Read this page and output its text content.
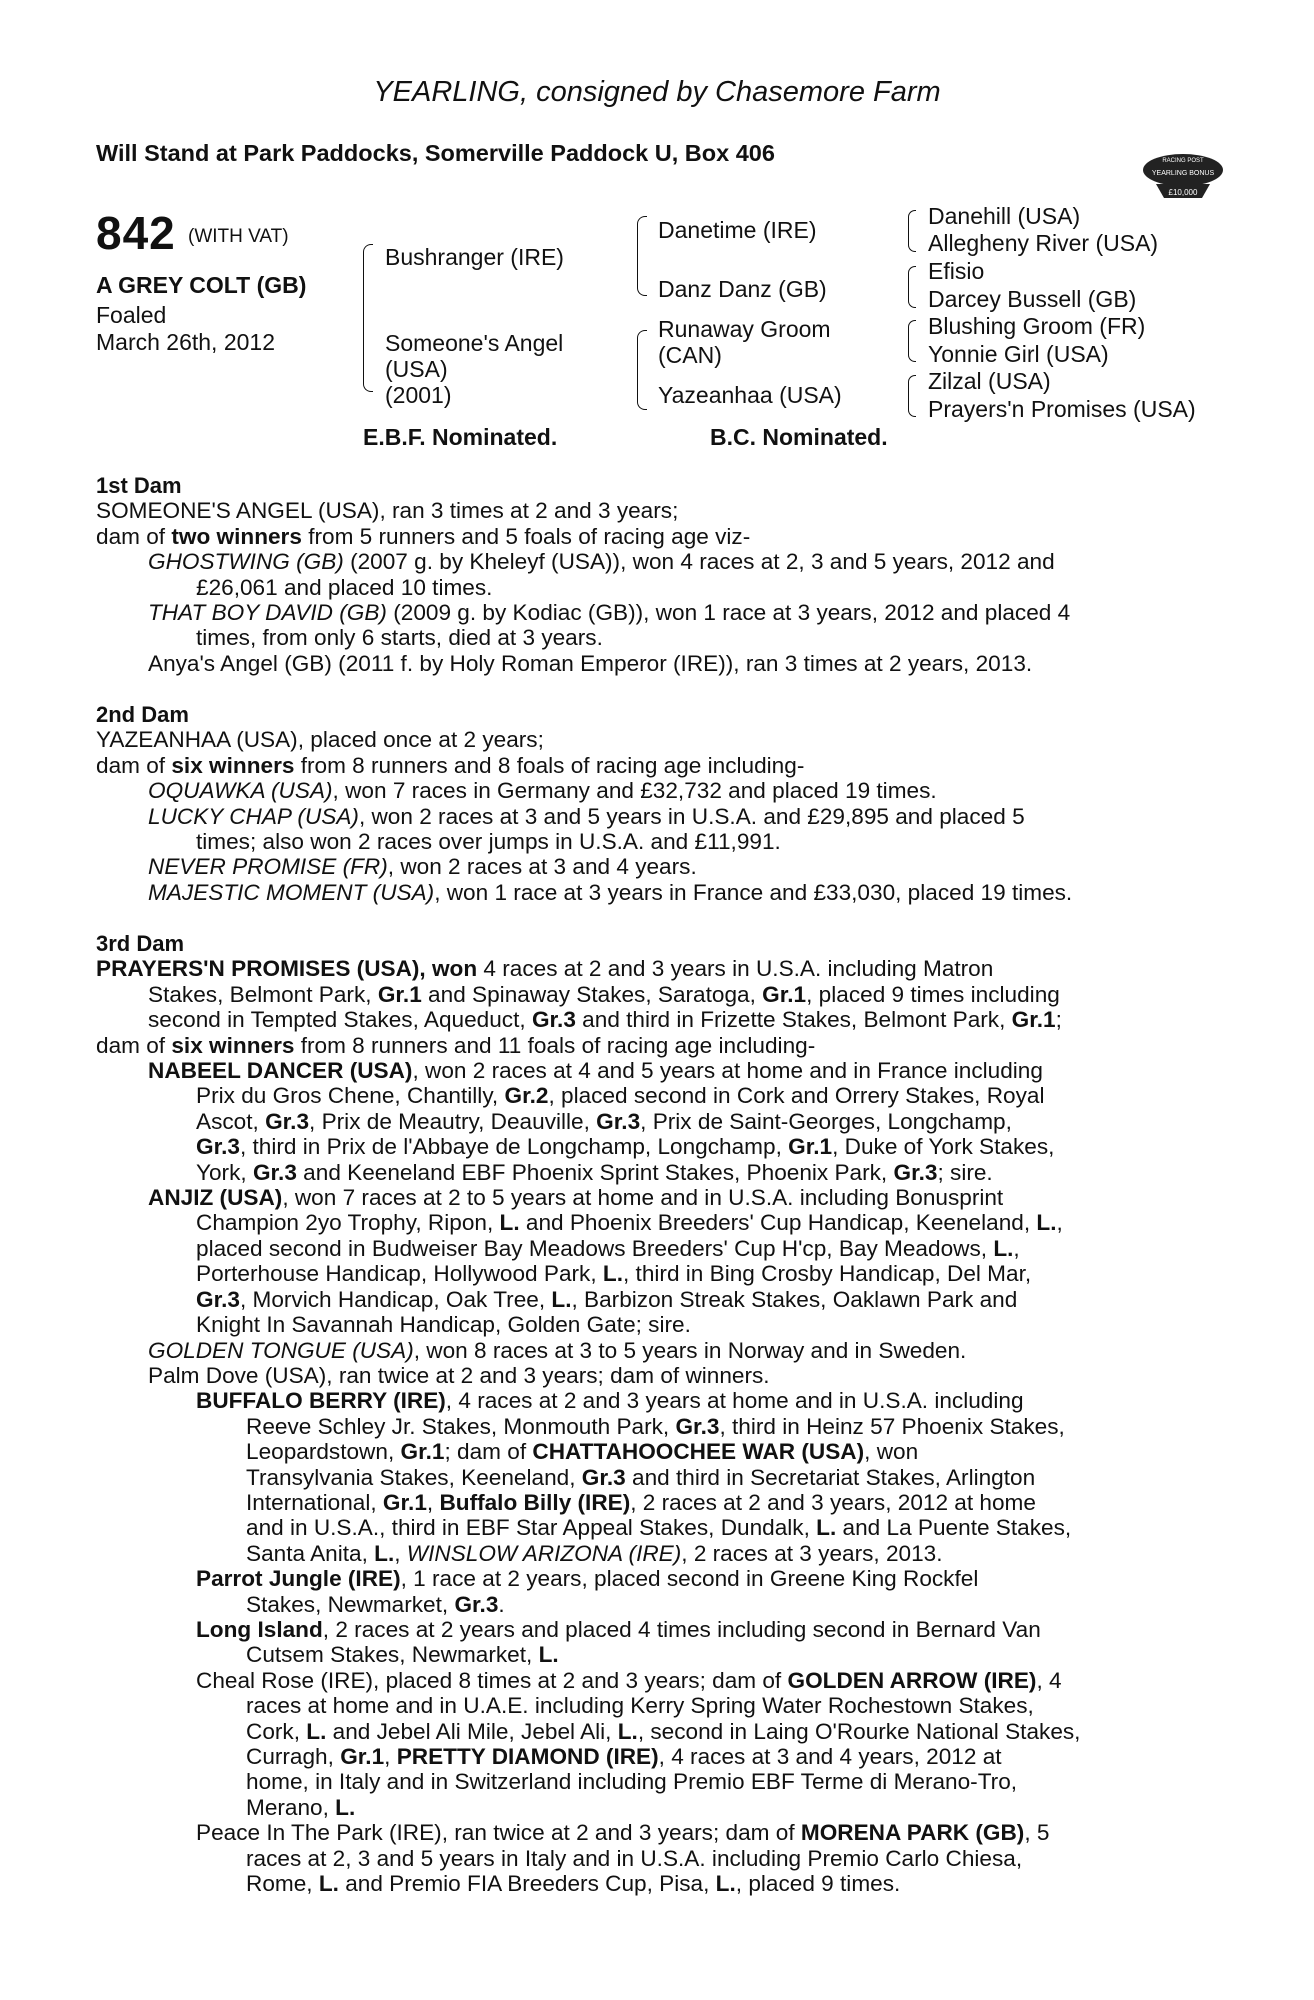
YEARLING, consigned by Chasemore Farm
Will Stand at Park Paddocks, Somerville Paddock U, Box 406	RACING POST
YEARLING BONUS
£10,000
842 (WITH VAT)
A GREY COLT (GB)
Foaled
March 26th, 2012
Bushranger (IRE)
Someone's Angel
(USA)
(2001)
Danetime (IRE)
Danz Danz (GB)
Runaway Groom
(CAN)
Yazeanhaa (USA)
Danehill (USA)
Allegheny River (USA)
Efisio
Darcey Bussell (GB)
Blushing Groom (FR)
Yonnie Girl (USA)
Zilzal (USA)
Prayers'n Promises (USA)
E.B.F. Nominated.	B.C. Nominated.
1st Dam
SOMEONE'S ANGEL (USA), ran 3 times at 2 and 3 years;
dam of two winners from 5 runners and 5 foals of racing age viz-
GHOSTWING (GB) (2007 g. by Kheleyf (USA)), won 4 races at 2, 3 and 5 years, 2012 and
£26,061 and placed 10 times.
THAT BOY DAVID (GB) (2009 g. by Kodiac (GB)), won 1 race at 3 years, 2012 and placed 4
times, from only 6 starts, died at 3 years.
Anya's Angel (GB) (2011 f. by Holy Roman Emperor (IRE)), ran 3 times at 2 years, 2013.
2nd Dam
YAZEANHAA (USA), placed once at 2 years;
dam of six winners from 8 runners and 8 foals of racing age including-
OQUAWKA (USA), won 7 races in Germany and £32,732 and placed 19 times.
LUCKY CHAP (USA), won 2 races at 3 and 5 years in U.S.A. and £29,895 and placed 5
times; also won 2 races over jumps in U.S.A. and £11,991.
NEVER PROMISE (FR), won 2 races at 3 and 4 years.
MAJESTIC MOMENT (USA), won 1 race at 3 years in France and £33,030, placed 19 times.
3rd Dam
PRAYERS'N PROMISES (USA), won 4 races at 2 and 3 years in U.S.A. including Matron
Stakes, Belmont Park, Gr.1 and Spinaway Stakes, Saratoga, Gr.1, placed 9 times including
second in Tempted Stakes, Aqueduct, Gr.3 and third in Frizette Stakes, Belmont Park, Gr.1;
dam of six winners from 8 runners and 11 foals of racing age including-
NABEEL DANCER (USA), won 2 races at 4 and 5 years at home and in France including
Prix du Gros Chene, Chantilly, Gr.2, placed second in Cork and Orrery Stakes, Royal
Ascot, Gr.3, Prix de Meautry, Deauville, Gr.3, Prix de Saint-Georges, Longchamp,
Gr.3, third in Prix de l'Abbaye de Longchamp, Longchamp, Gr.1, Duke of York Stakes,
York, Gr.3 and Keeneland EBF Phoenix Sprint Stakes, Phoenix Park, Gr.3; sire.
ANJIZ (USA), won 7 races at 2 to 5 years at home and in U.S.A. including Bonusprint
Champion 2yo Trophy, Ripon, L. and Phoenix Breeders' Cup Handicap, Keeneland, L.,
placed second in Budweiser Bay Meadows Breeders' Cup H'cp, Bay Meadows, L.,
Porterhouse Handicap, Hollywood Park, L., third in Bing Crosby Handicap, Del Mar,
Gr.3, Morvich Handicap, Oak Tree, L., Barbizon Streak Stakes, Oaklawn Park and
Knight In Savannah Handicap, Golden Gate; sire.
GOLDEN TONGUE (USA), won 8 races at 3 to 5 years in Norway and in Sweden.
Palm Dove (USA), ran twice at 2 and 3 years; dam of winners.
BUFFALO BERRY (IRE), 4 races at 2 and 3 years at home and in U.S.A. including
Reeve Schley Jr. Stakes, Monmouth Park, Gr.3, third in Heinz 57 Phoenix Stakes,
Leopardstown, Gr.1; dam of CHATTAHOOCHEE WAR (USA), won
Transylvania Stakes, Keeneland, Gr.3 and third in Secretariat Stakes, Arlington
International, Gr.1, Buffalo Billy (IRE), 2 races at 2 and 3 years, 2012 at home
and in U.S.A., third in EBF Star Appeal Stakes, Dundalk, L. and La Puente Stakes,
Santa Anita, L., WINSLOW ARIZONA (IRE), 2 races at 3 years, 2013.
Parrot Jungle (IRE), 1 race at 2 years, placed second in Greene King Rockfel
Stakes, Newmarket, Gr.3.
Long Island, 2 races at 2 years and placed 4 times including second in Bernard Van
Cutsem Stakes, Newmarket, L.
Cheal Rose (IRE), placed 8 times at 2 and 3 years; dam of GOLDEN ARROW (IRE), 4
races at home and in U.A.E. including Kerry Spring Water Rochestown Stakes,
Cork, L. and Jebel Ali Mile, Jebel Ali, L., second in Laing O'Rourke National Stakes,
Curragh, Gr.1, PRETTY DIAMOND (IRE), 4 races at 3 and 4 years, 2012 at
home, in Italy and in Switzerland including Premio EBF Terme di Merano-Tro,
Merano, L.
Peace In The Park (IRE), ran twice at 2 and 3 years; dam of MORENA PARK (GB), 5
races at 2, 3 and 5 years in Italy and in U.S.A. including Premio Carlo Chiesa,
Rome, L. and Premio FIA Breeders Cup, Pisa, L., placed 9 times.
